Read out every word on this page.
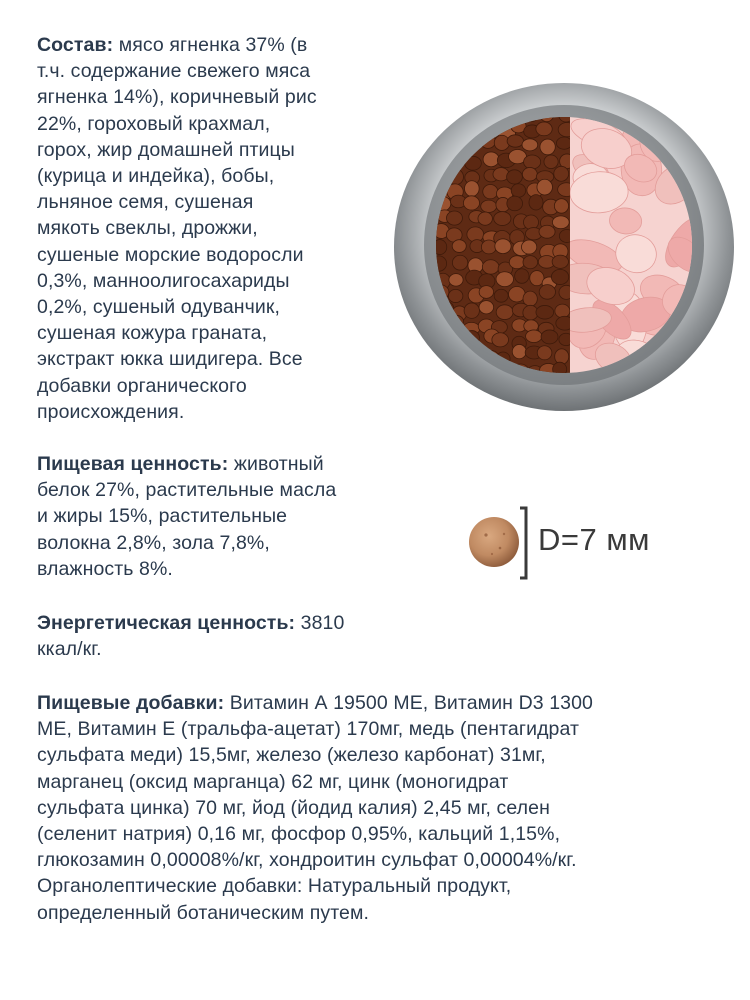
Состав: мясо ягненка 37% (в
т.ч. содержание свежего мяса
ягненка 14%), коричневый рис
22%, гороховый крахмал,
горох, жир домашней птицы
(курица и индейка), бобы,
льняное семя, сушеная
мякоть свеклы, дрожжи,
сушеные морские водоросли
0,3%, манноолигосахариды
0,2%, сушеный одуванчик,
сушеная кожура граната,
экстракт юкка шидигера. Все
добавки органического
происхождения.
Пищевая ценность: животный
белок 27%, растительные масла
и жиры 15%, растительные
волокна 2,8%, зола 7,8%,
влажность 8%.
D=7 мм
Энергетическая ценность: 3810
ккал/кг.
Пищевые добавки: Витамин А 19500 МЕ, Витамин D3 1300
МЕ, Витамин Е (тральфа-ацетат) 170мг, медь (пентагидрат
сульфата меди) 15,5мг, железо (железо карбонат) 31мг,
марганец (оксид марганца) 62 мг, цинк (моногидрат
сульфата цинка) 70 мг, йод (йодид калия) 2,45 мг, селен
(селенит натрия) 0,16 мг, фосфор 0,95%, кальций 1,15%,
глюкозамин 0,00008%/кг, хондроитин сульфат 0,00004%/кг.
Органолептические добавки: Натуральный продукт,
определенный ботаническим путем.
